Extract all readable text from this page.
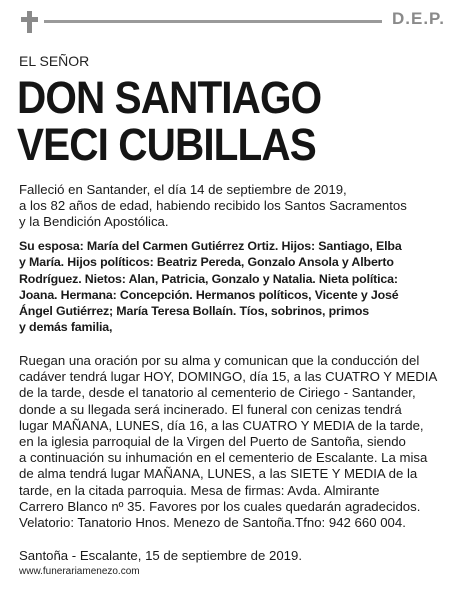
D.E.P.
EL SEÑOR
DON SANTIAGO
VECI CUBILLAS
Falleció en Santander, el día 14 de septiembre de 2019,
a los 82 años de edad, habiendo recibido los Santos Sacramentos
y la Bendición Apostólica.
Su esposa: María del Carmen Gutiérrez Ortiz. Hijos: Santiago, Elba
y María. Hijos políticos: Beatriz Pereda, Gonzalo Ansola y Alberto
Rodríguez. Nietos: Alan, Patricia, Gonzalo y Natalia. Nieta política:
Joana. Hermana: Concepción. Hermanos políticos, Vicente y José
Ángel Gutiérrez; María Teresa Bollaín. Tíos, sobrinos, primos
y demás familia,
Ruegan una oración por su alma y comunican que la conducción del
cadáver tendrá lugar HOY, DOMINGO, día 15, a las CUATRO Y MEDIA
de la tarde, desde el tanatorio al cementerio de Ciriego - Santander,
donde a su llegada será incinerado. El funeral con cenizas tendrá
lugar MAÑANA, LUNES, día 16, a las CUATRO Y MEDIA de la tarde,
en la iglesia parroquial de la Virgen del Puerto de Santoña, siendo
a continuación su inhumación en el cementerio de Escalante. La misa
de alma tendrá lugar MAÑANA, LUNES, a las SIETE Y MEDIA de la
tarde, en la citada parroquia. Mesa de firmas: Avda. Almirante
Carrero Blanco nº 35. Favores por los cuales quedarán agradecidos.
Velatorio: Tanatorio Hnos. Menezo de Santoña.Tfno: 942 660 004.
Santoña - Escalante, 15 de septiembre de 2019.
www.funerariamenezo.com
